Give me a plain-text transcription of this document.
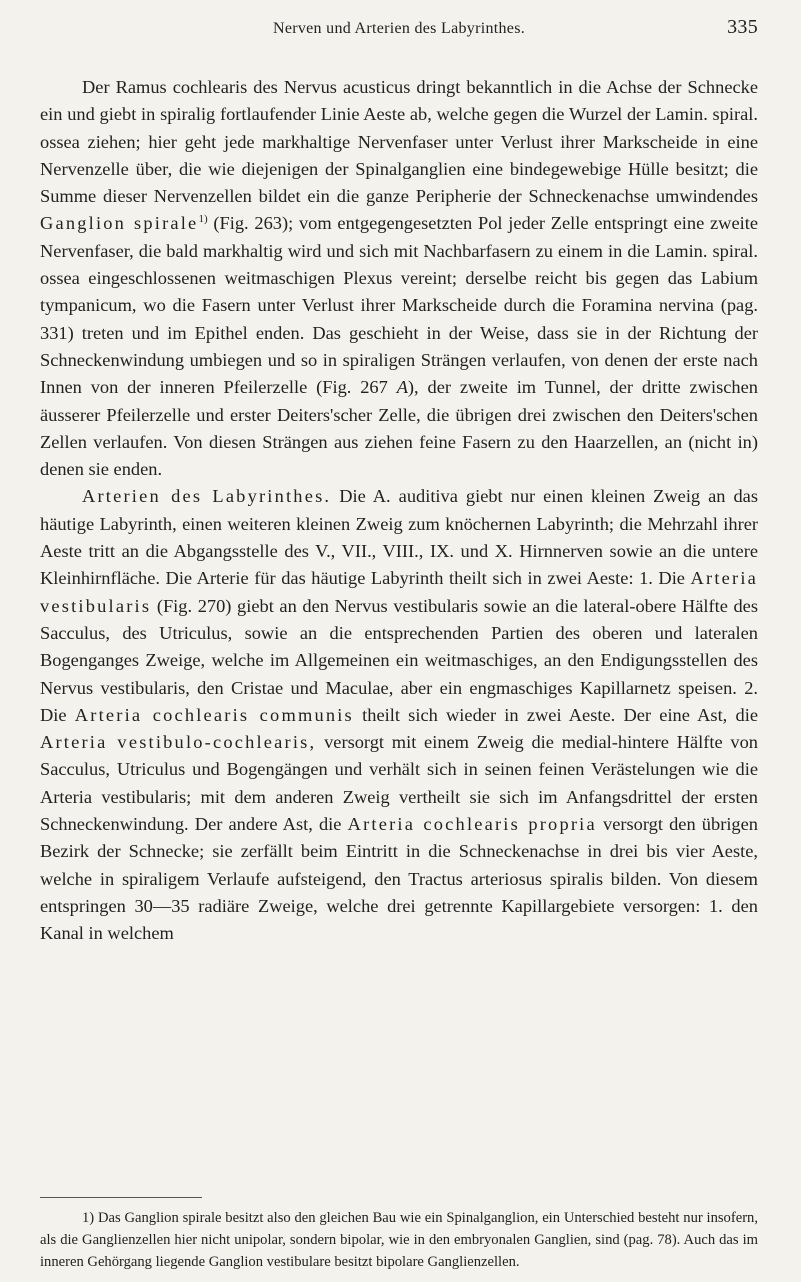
Nerven und Arterien des Labyrinthes.	335

Der Ramus cochlearis des Nervus acusticus dringt bekanntlich in die Achse der Schnecke ein und giebt in spiralig fortlaufender Linie Aeste ab, welche gegen die Wurzel der Lamin. spiral. ossea ziehen; hier geht jede markhaltige Nervenfaser unter Verlust ihrer Markscheide in eine Nervenzelle über, die wie diejenigen der Spinalganglien eine bindegewebige Hülle besitzt; die Summe dieser Nervenzellen bildet ein die ganze Peripherie der Schneckenachse umwindendes Ganglion spirale$^{1)}$ (Fig. 263); vom entgegengesetzten Pol jeder Zelle entspringt eine zweite Nervenfaser, die bald markhaltig wird und sich mit Nachbarfasern zu einem in die Lamin. spiral. ossea eingeschlossenen weitmaschigen Plexus vereint; derselbe reicht bis gegen das Labium tympanicum, wo die Fasern unter Verlust ihrer Markscheide durch die Foramina nervina (pag. 331) treten und im Epithel enden. Das geschieht in der Weise, dass sie in der Richtung der Schneckenwindung umbiegen und so in spiraligen Strängen verlaufen, von denen der erste nach Innen von der inneren Pfeilerzelle (Fig. 267 A), der zweite im Tunnel, der dritte zwischen äusserer Pfeilerzelle und erster Deiters'scher Zelle, die übrigen drei zwischen den Deiters'schen Zellen verlaufen. Von diesen Strängen aus ziehen feine Fasern zu den Haarzellen, an (nicht in) denen sie enden.

Arterien des Labyrinthes. Die A. auditiva giebt nur einen kleinen Zweig an das häutige Labyrinth, einen weiteren kleinen Zweig zum knöchernen Labyrinth; die Mehrzahl ihrer Aeste tritt an die Abgangsstelle des V., VII., VIII., IX. und X. Hirnnerven sowie an die untere Kleinhirnfläche. Die Arterie für das häutige Labyrinth theilt sich in zwei Aeste: 1. Die Arteria vestibularis (Fig. 270) giebt an den Nervus vestibularis sowie an die lateral-obere Hälfte des Sacculus, des Utriculus, sowie an die entsprechenden Partien des oberen und lateralen Bogenganges Zweige, welche im Allgemeinen ein weitmaschiges, an den Endigungsstellen des Nervus vestibularis, den Cristae und Maculae, aber ein engmaschiges Kapillarnetz speisen. 2. Die Arteria cochlearis communis theilt sich wieder in zwei Aeste. Der eine Ast, die Arteria vestibulo-cochlearis, versorgt mit einem Zweig die medial-hintere Hälfte von Sacculus, Utriculus und Bogengängen und verhält sich in seinen feinen Verästelungen wie die Arteria vestibularis; mit dem anderen Zweig vertheilt sie sich im Anfangsdrittel der ersten Schneckenwindung. Der andere Ast, die Arteria cochlearis propria versorgt den übrigen Bezirk der Schnecke; sie zerfällt beim Eintritt in die Schneckenachse in drei bis vier Aeste, welche in spiraligem Verlaufe aufsteigend, den Tractus arteriosus spiralis bilden. Von diesem entspringen 30—35 radiäre Zweige, welche drei getrennte Kapillargebiete versorgen: 1. den Kanal in welchem

1) Das Ganglion spirale besitzt also den gleichen Bau wie ein Spinalganglion, ein Unterschied besteht nur insofern, als die Ganglienzellen hier nicht unipolar, sondern bipolar, wie in den embryonalen Ganglien, sind (pag. 78). Auch das im inneren Gehörgang liegende Ganglion vestibulare besitzt bipolare Ganglienzellen.
